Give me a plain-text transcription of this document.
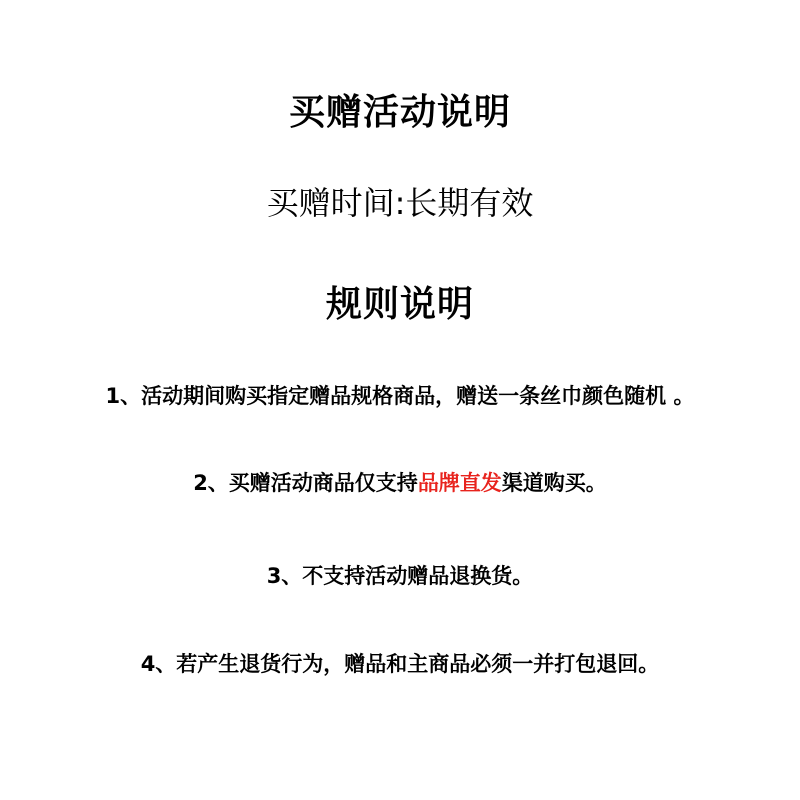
买赠活动说明
买赠时间:长期有效
规则说明
1、活动期间购买指定赠品规格商品，赠送一条丝巾颜色随机 。
2、买赠活动商品仅支持品牌直发渠道购买。
3、不支持活动赠品退换货。
4、若产生退货行为，赠品和主商品必须一并打包退回。
